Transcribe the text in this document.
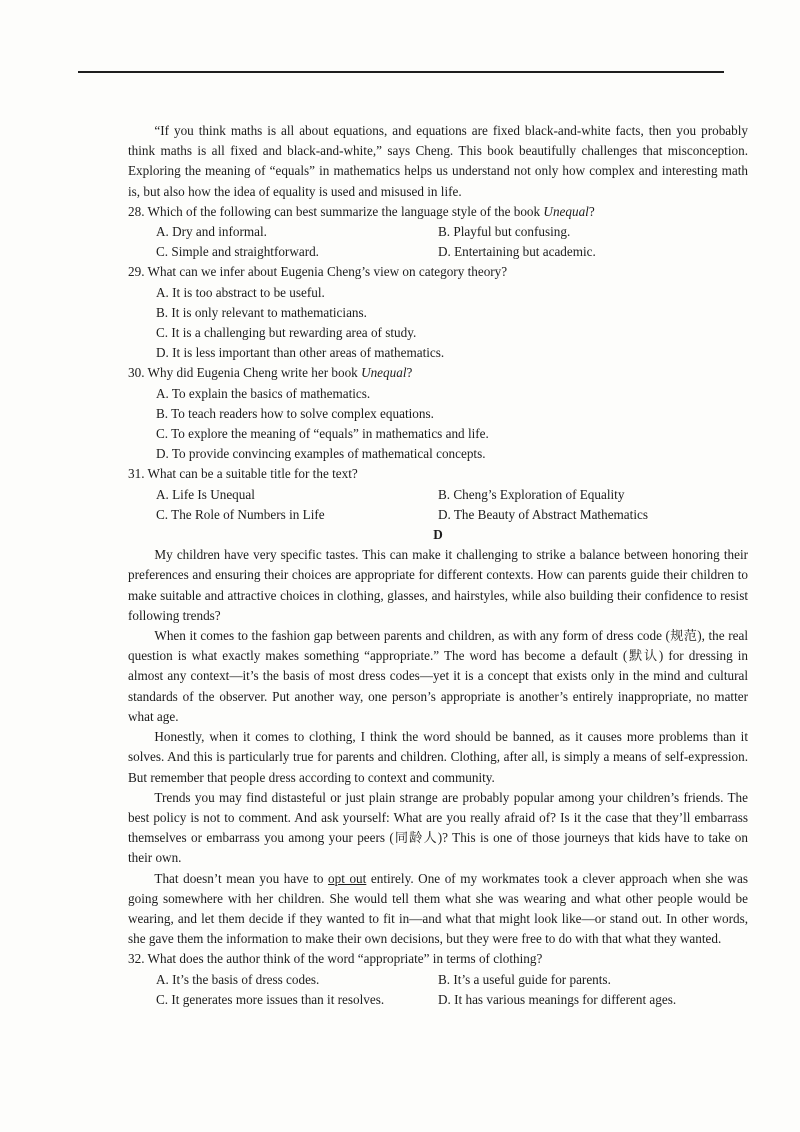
“If you think maths is all about equations, and equations are fixed black-and-white facts, then you probably think maths is all fixed and black-and-white,” says Cheng. This book beautifully challenges that misconception. Exploring the meaning of “equals” in mathematics helps us understand not only how complex and interesting math is, but also how the idea of equality is used and misused in life.

28. Which of the following can best summarize the language style of the book Unequal?

A. Dry and informal.	B. Playful but confusing.
C. Simple and straightforward.	D. Entertaining but academic.

29. What can we infer about Eugenia Cheng’s view on category theory?

A. It is too abstract to be useful.
B. It is only relevant to mathematicians.
C. It is a challenging but rewarding area of study.
D. It is less important than other areas of mathematics.

30. Why did Eugenia Cheng write her book Unequal?

A. To explain the basics of mathematics.
B. To teach readers how to solve complex equations.
C. To explore the meaning of “equals” in mathematics and life.
D. To provide convincing examples of mathematical concepts.

31. What can be a suitable title for the text?

A. Life Is Unequal	B. Cheng’s Exploration of Equality
C. The Role of Numbers in Life	D. The Beauty of Abstract Mathematics

D

My children have very specific tastes. This can make it challenging to strike a balance between honoring their preferences and ensuring their choices are appropriate for different contexts. How can parents guide their children to make suitable and attractive choices in clothing, glasses, and hairstyles, while also building their confidence to resist following trends?

When it comes to the fashion gap between parents and children, as with any form of dress code (规范), the real question is what exactly makes something “appropriate.” The word has become a default (默认) for dressing in almost any context—it’s the basis of most dress codes—yet it is a concept that exists only in the mind and cultural standards of the observer. Put another way, one person’s appropriate is another’s entirely inappropriate, no matter what age.

Honestly, when it comes to clothing, I think the word should be banned, as it causes more problems than it solves. And this is particularly true for parents and children. Clothing, after all, is simply a means of self-expression. But remember that people dress according to context and community.

Trends you may find distasteful or just plain strange are probably popular among your children’s friends. The best policy is not to comment. And ask yourself: What are you really afraid of? Is it the case that they’ll embarrass themselves or embarrass you among your peers (同龄人)? This is one of those journeys that kids have to take on their own.

That doesn’t mean you have to opt out entirely. One of my workmates took a clever approach when she was going somewhere with her children. She would tell them what she was wearing and what other people would be wearing, and let them decide if they wanted to fit in—and what that might look like—or stand out. In other words, she gave them the information to make their own decisions, but they were free to do with that what they wanted.

32. What does the author think of the word “appropriate” in terms of clothing?

A. It’s the basis of dress codes.	B. It’s a useful guide for parents.
C. It generates more issues than it resolves.	D. It has various meanings for different ages.
